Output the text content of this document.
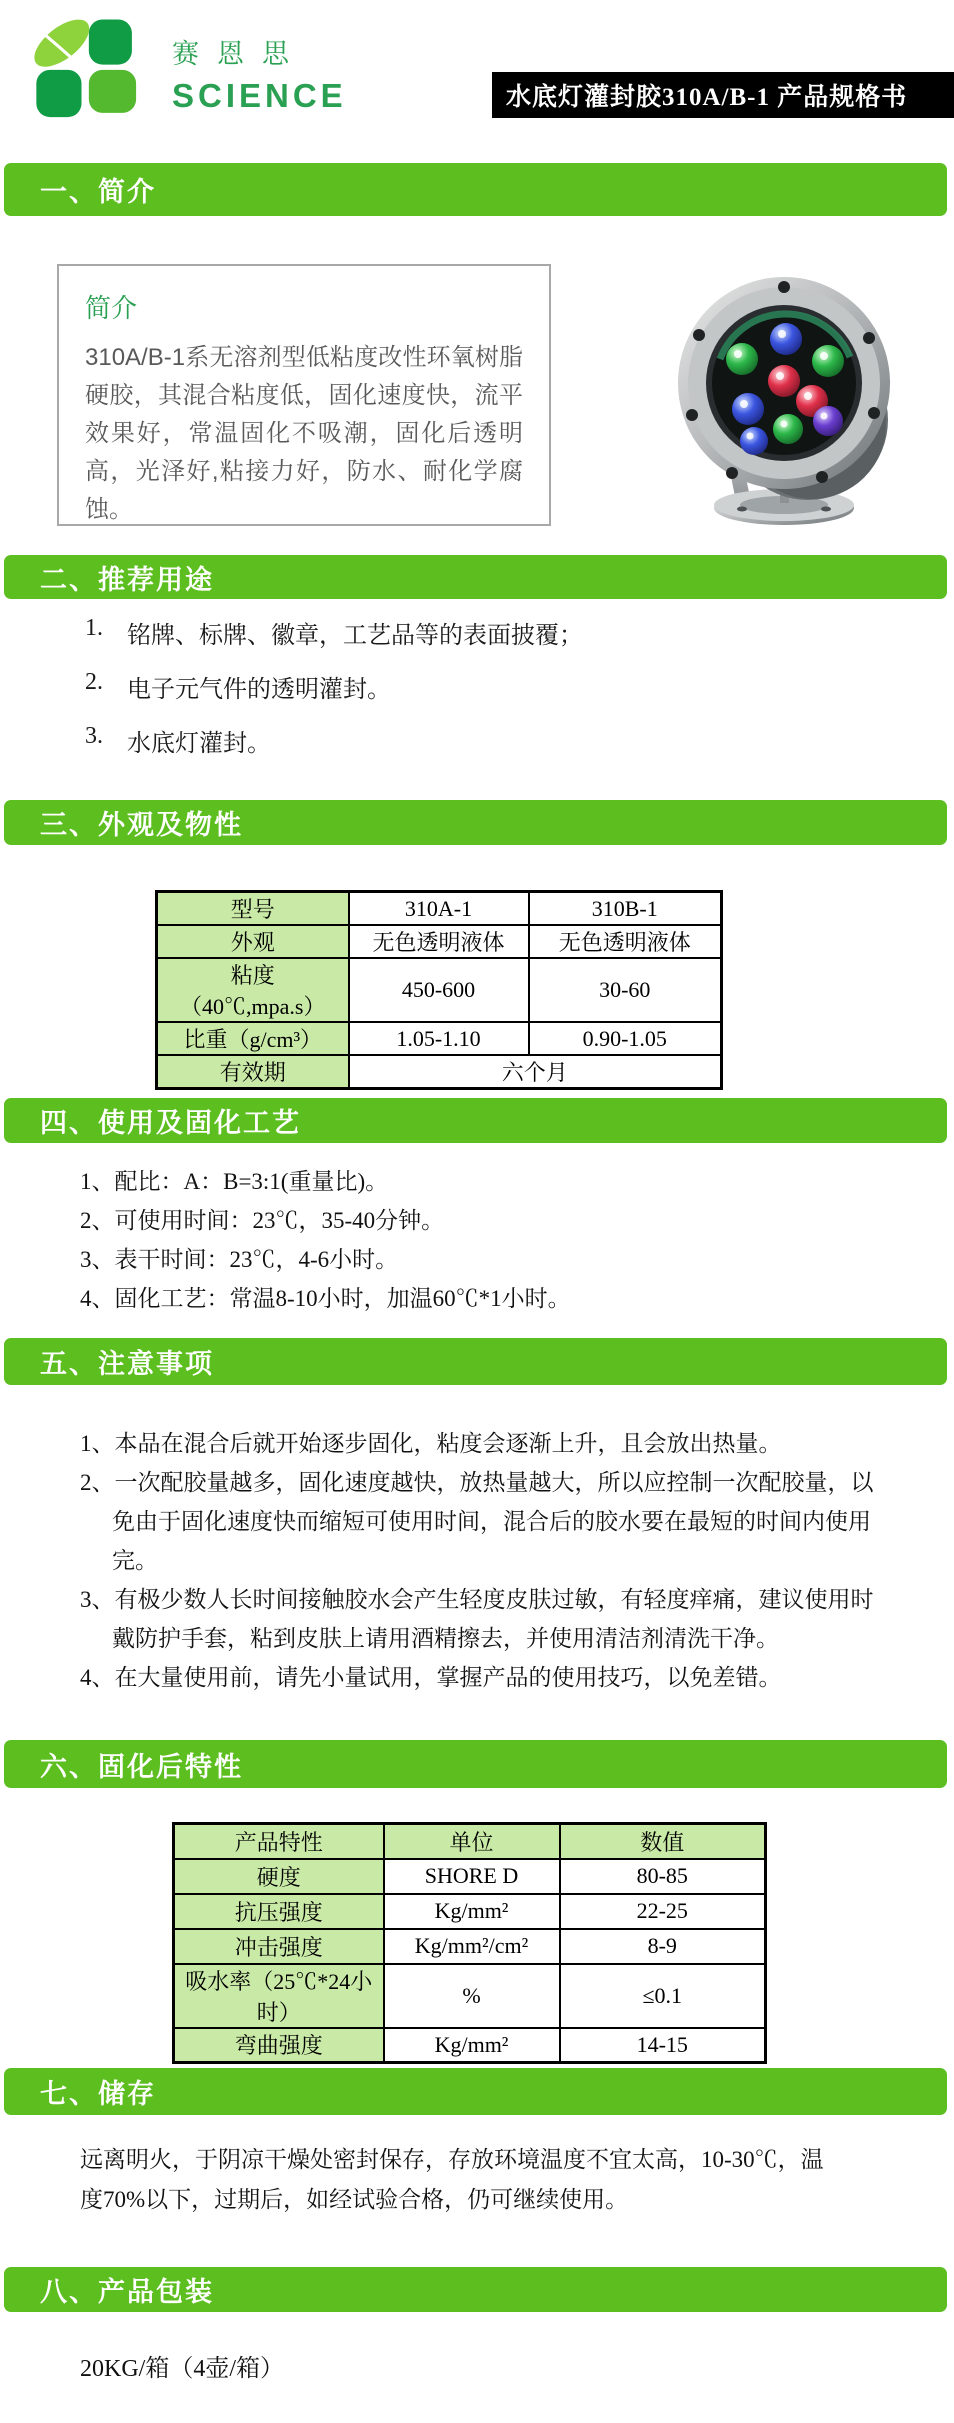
赛恩思
SCIENCE	水底灯灌封胶310A/B-1 产品规格书
一、简介
简介
310A/B-1系无溶剂型低粘度改性环氧树脂硬胶，其混合粘度低，固化速度快，流平效果好，常温固化不吸潮，固化后透明高，光泽好,粘接力好，防水、耐化学腐蚀。
二、推荐用途
1.	铭牌、标牌、徽章，工艺品等的表面披覆；
2.	电子元气件的透明灌封。
3.	水底灯灌封。
三、外观及物性
型号	310A-1	310B-1
外观	无色透明液体	无色透明液体
粘度（40℃,mpa.s）	450-600	30-60
比重（g/cm³）	1.05-1.10	0.90-1.05
有效期	六个月	
四、使用及固化工艺

1、配比：A：B=3:1(重量比)。

2、可使用时间：23℃，35-40分钟。

3、表干时间：23℃，4-6小时。

4、固化工艺：常温8-10小时，加温60℃*1小时。

五、注意事项

1、本品在混合后就开始逐步固化，粘度会逐渐上升，且会放出热量。

2、一次配胶量越多，固化速度越快，放热量越大，所以应控制一次配胶量，以免由于固化速度快而缩短可使用时间，混合后的胶水要在最短的时间内使用完。

3、有极少数人长时间接触胶水会产生轻度皮肤过敏，有轻度痒痛，建议使用时戴防护手套，粘到皮肤上请用酒精擦去，并使用清洁剂清洗干净。

4、在大量使用前，请先小量试用，掌握产品的使用技巧，以免差错。

六、固化后特性
产品特性	单位	数值
硬度	SHORE D	80-85
抗压强度	Kg/mm²	22-25
冲击强度	Kg/mm²/cm²	8-9
吸水率（25℃*24小时）	%	≤0.1
弯曲强度	Kg/mm²	14-15
七、储存
远离明火，于阴凉干燥处密封保存，存放环境温度不宜太高，10-30℃，温度70%以下，过期后，如经试验合格，仍可继续使用。
八、产品包装
20KG/箱（4壶/箱）
